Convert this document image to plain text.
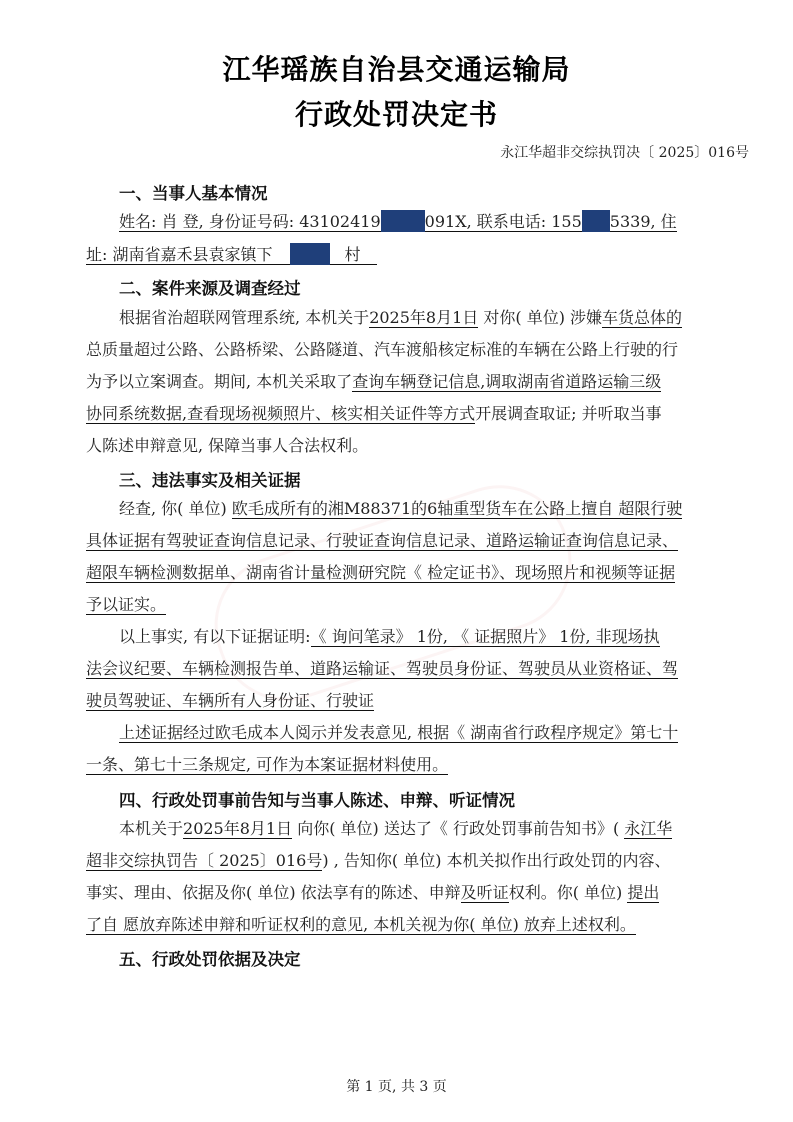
江华瑶族自治县交通运输局
行政处罚决定书
永江华超非交综执罚决〔 2025〕016号
一、当事人基本情况
姓名: 肖 登, 身份证号码: 43102419	091X, 联系电话: 155 5339, 住
址: 湖南省嘉禾县袁家镇下	村
二、案件来源及调查经过
根据省治超联网管理系统, 本机关于2025年8月1日 对你( 单位) 涉嫌车货总体的
总质量超过公路、公路桥梁、公路隧道、汽车渡船核定标准的车辆在公路上行驶的行
为予以立案调查。期间, 本机关采取了查询车辆登记信息,调取湖南省道路运输三级
协同系统数据,查看现场视频照片、核实相关证件等方式开展调查取证; 并听取当事
人陈述申辩意见, 保障当事人合法权利。
三、违法事实及相关证据
经查, 你( 单位) 欧毛成所有的湘M88371的6轴重型货车在公路上擅自 超限行驶
具体证据有驾驶证查询信息记录、行驶证查询信息记录、道路运输证查询信息记录、
超限车辆检测数据单、湖南省计量检测研究院《 检定证书》、现场照片和视频等证据
予以证实。
以上事实, 有以下证据证明:《 询问笔录》 1份, 《 证据照片》 1份, 非现场执
法会议纪要、车辆检测报告单、道路运输证、驾驶员身份证、驾驶员从业资格证、驾
驶员驾驶证、车辆所有人身份证、行驶证
上述证据经过欧毛成本人阅示并发表意见, 根据《 湖南省行政程序规定》第七十
一条、第七十三条规定, 可作为本案证据材料使用。
四、行政处罚事前告知与当事人陈述、申辩、听证情况
本机关于2025年8月1日 向你( 单位) 送达了《 行政处罚事前告知书》( 永江华
超非交综执罚告〔 2025〕016号) , 告知你( 单位) 本机关拟作出行政处罚的内容、
事实、理由、依据及你( 单位) 依法享有的陈述、申辩及听证权利。你( 单位) 提出
了自 愿放弃陈述申辩和听证权利的意见, 本机关视为你( 单位) 放弃上述权利。
五、行政处罚依据及决定
第 1 页, 共 3 页
